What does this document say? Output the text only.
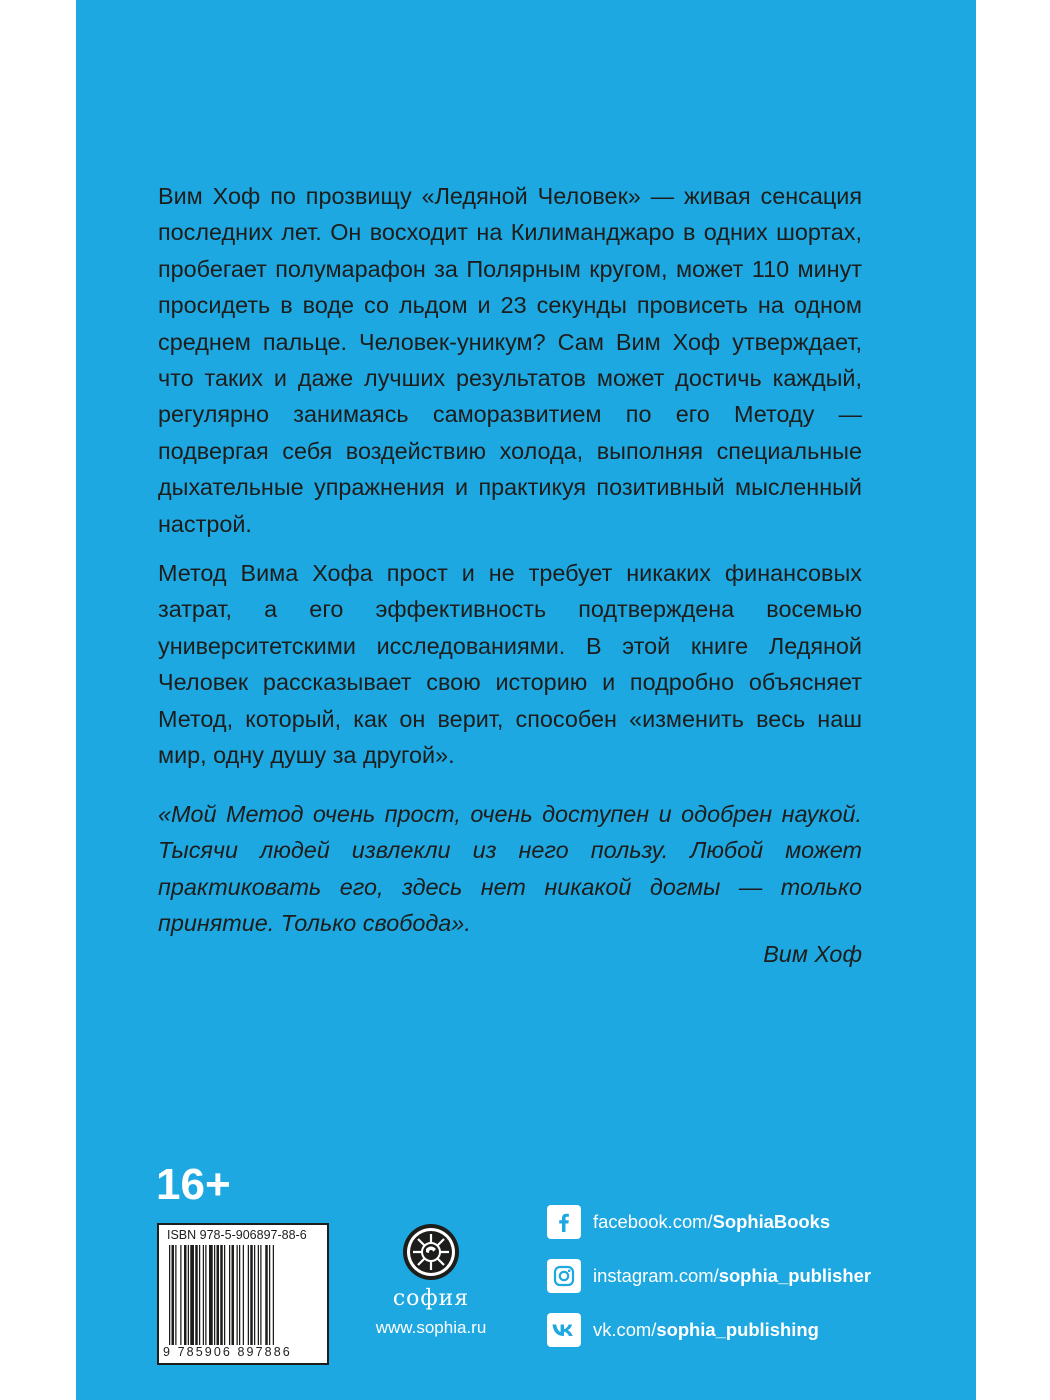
Вим Хоф по прозвищу «Ледяной Человек» — живая сенсация последних лет. Он восходит на Килиманджаро в одних шортах, пробегает полумарафон за Полярным кругом, может 110 минут просидеть в воде со льдом и 23 секунды провисеть на одном среднем пальце. Человек-уникум? Сам Вим Хоф утверждает, что таких и даже лучших результатов может достичь каждый, регулярно занимаясь саморазвитием по его Методу — подвергая себя воздействию холода, выполняя специальные дыхательные упражнения и практикуя позитивный мысленный настрой.
Метод Вима Хофа прост и не требует никаких финансовых затрат, а его эффективность подтверждена восемью университетскими исследованиями. В этой книге Ледяной Человек рассказывает свою историю и подробно объясняет Метод, который, как он верит, способен «изменить весь наш мир, одну душу за другой».
«Мой Метод очень прост, очень доступен и одобрен наукой. Тысячи людей извлекли из него пользу. Любой может практиковать его, здесь нет никакой догмы — только принятие. Только свобода».
Вим Хоф
16+
ISBN 978-5-906897-88-6
9 785906 897886
софия
www.sophia.ru
facebook.com/SophiaBooks
instagram.com/sophia_publisher
vk.com/sophia_publishing
